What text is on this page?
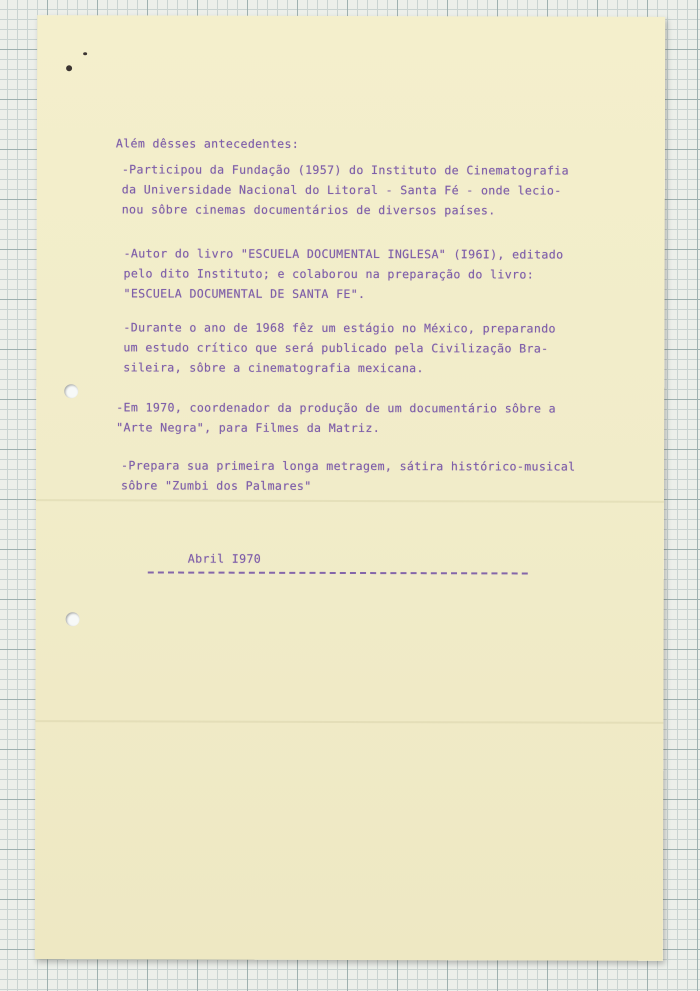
Além dêsses antecedentes:
-Participou da Fundação (1957) do Instituto de Cinematografia
da Universidade Nacional do Litoral - Santa Fé - onde lecio-
nou sôbre cinemas documentários de diversos países.
-Autor do livro "ESCUELA DOCUMENTAL INGLESA" (I96I), editado
pelo dito Instituto; e colaborou na preparação do livro:
"ESCUELA DOCUMENTAL DE SANTA FE".
-Durante o ano de 1968 fêz um estágio no México, preparando
um estudo crítico que será publicado pela Civilização Bra-
sileira, sôbre a cinematografia mexicana.
-Em 1970, coordenador da produção de um documentário sôbre a
"Arte Negra", para Filmes da Matriz.
-Prepara sua primeira longa metragem, sátira histórico-musical
sôbre "Zumbi dos Palmares"
Abril I970
